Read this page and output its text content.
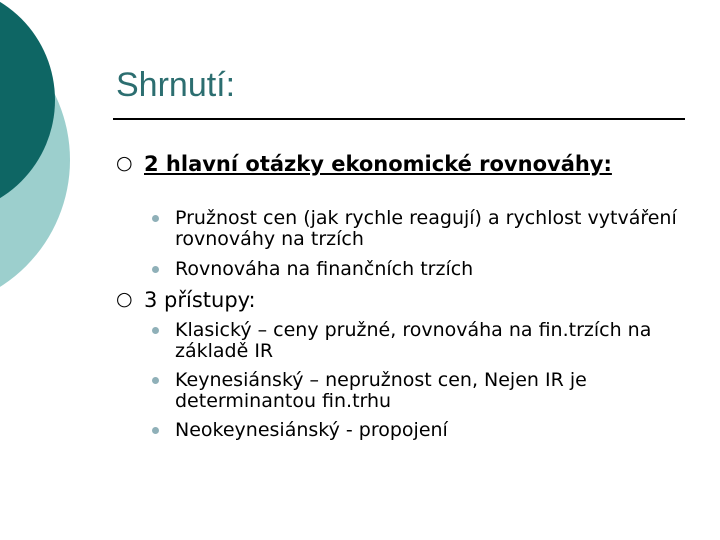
Shrnutí:
○ 2 hlavní otázky ekonomické rovnováhy:
Pružnost cen (jak rychle reagují) a rychlost vytváření rovnováhy na trzích
Rovnováha na finančních trzích
○ 3 přístupy:
Klasický – ceny pružné, rovnováha na fin.trzích na základě IR
Keynesiánský – nepružnost cen, Nejen IR je determinantou fin.trhu
Neokeynesiánský - propojení
